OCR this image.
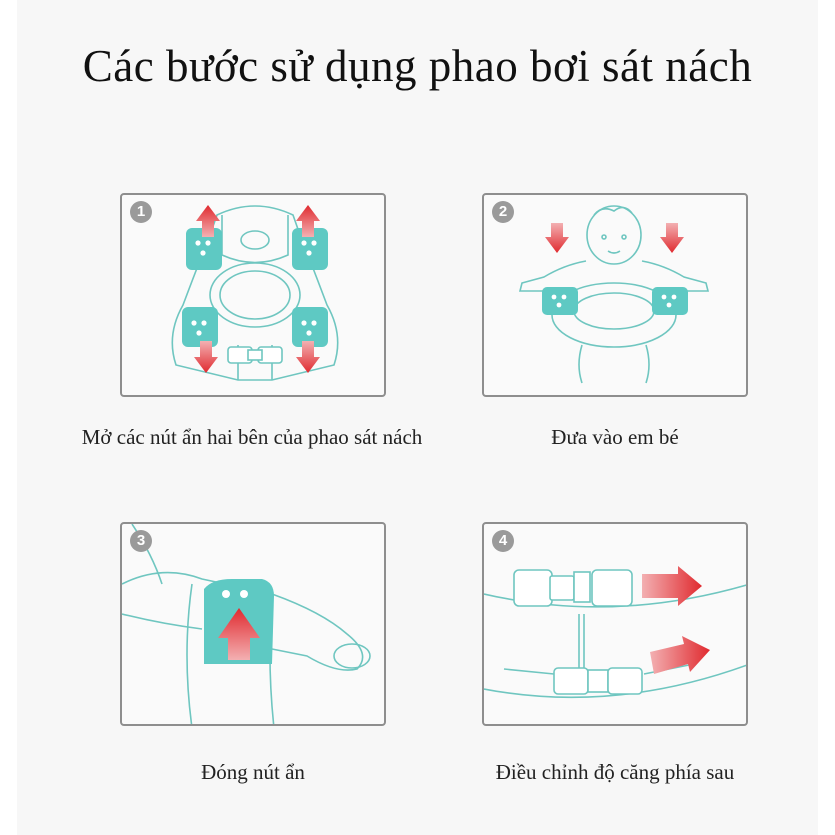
Các bước sử dụng phao bơi sát nách
1
Mở các nút ẩn hai bên của phao sát nách
2
Đưa vào em bé
3
Đóng nút ẩn
4
Điều chỉnh độ căng phía sau
